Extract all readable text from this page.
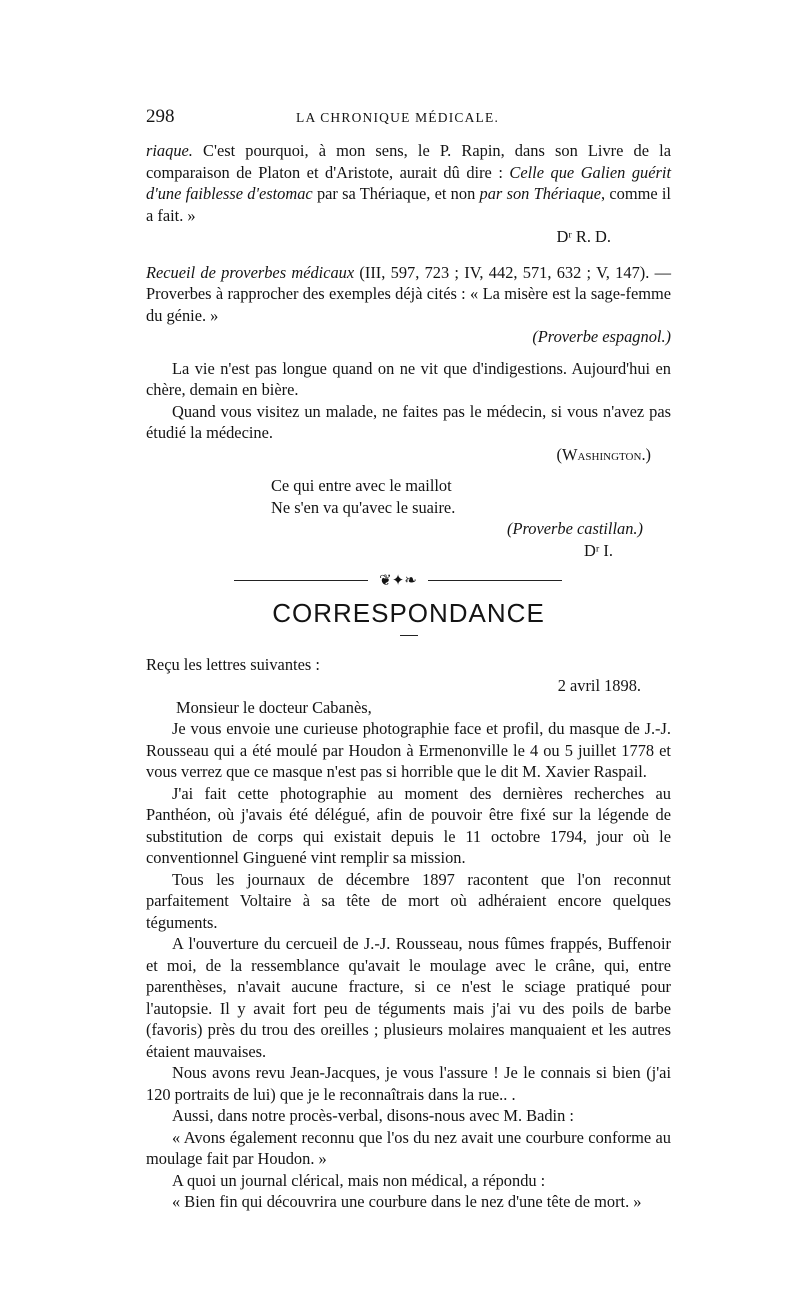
298	LA CHRONIQUE MÉDICALE.

riaque. C'est pourquoi, à mon sens, le P. Rapin, dans son Livre de la comparaison de Platon et d'Aristote, aurait dû dire : Celle que Galien guérit d'une faiblesse d'estomac par sa Thériaque, et non par son Thériaque, comme il a fait. »

Dʳ R. D.

Recueil de proverbes médicaux (III, 597, 723 ; IV, 442, 571, 632 ; V, 147). — Proverbes à rapprocher des exemples déjà cités : « La misère est la sage-femme du génie. »

(Proverbe espagnol.)

La vie n'est pas longue quand on ne vit que d'indigestions. Aujourd'hui en chère, demain en bière.

Quand vous visitez un malade, ne faites pas le médecin, si vous n'avez pas étudié la médecine.

(Washington.)

Ce qui entre avec le maillot

Ne s'en va qu'avec le suaire.

(Proverbe castillan.)

Dʳ I.

❦✦❧
CORRESPONDANCE

Reçu les lettres suivantes :

2 avril 1898.

Monsieur le docteur Cabanès,

Je vous envoie une curieuse photographie face et profil, du masque de J.-J. Rousseau qui a été moulé par Houdon à Ermenonville le 4 ou 5 juillet 1778 et vous verrez que ce masque n'est pas si horrible que le dit M. Xavier Raspail.

J'ai fait cette photographie au moment des dernières recherches au Panthéon, où j'avais été délégué, afin de pouvoir être fixé sur la légende de substitution de corps qui existait depuis le 11 octobre 1794, jour où le conventionnel Ginguené vint remplir sa mission.

Tous les journaux de décembre 1897 racontent que l'on reconnut parfaitement Voltaire à sa tête de mort où adhéraient encore quelques téguments.

A l'ouverture du cercueil de J.-J. Rousseau, nous fûmes frappés, Buffenoir et moi, de la ressemblance qu'avait le moulage avec le crâne, qui, entre parenthèses, n'avait aucune fracture, si ce n'est le sciage pratiqué pour l'autopsie. Il y avait fort peu de téguments mais j'ai vu des poils de barbe (favoris) près du trou des oreilles ; plusieurs molaires manquaient et les autres étaient mauvaises.

Nous avons revu Jean-Jacques, je vous l'assure ! Je le connais si bien (j'ai 120 portraits de lui) que je le reconnaîtrais dans la rue.. .

Aussi, dans notre procès-verbal, disons-nous avec M. Badin :

« Avons également reconnu que l'os du nez avait une courbure conforme au moulage fait par Houdon. »

A quoi un journal clérical, mais non médical, a répondu :

« Bien fin qui découvrira une courbure dans le nez d'une tête de mort. »
